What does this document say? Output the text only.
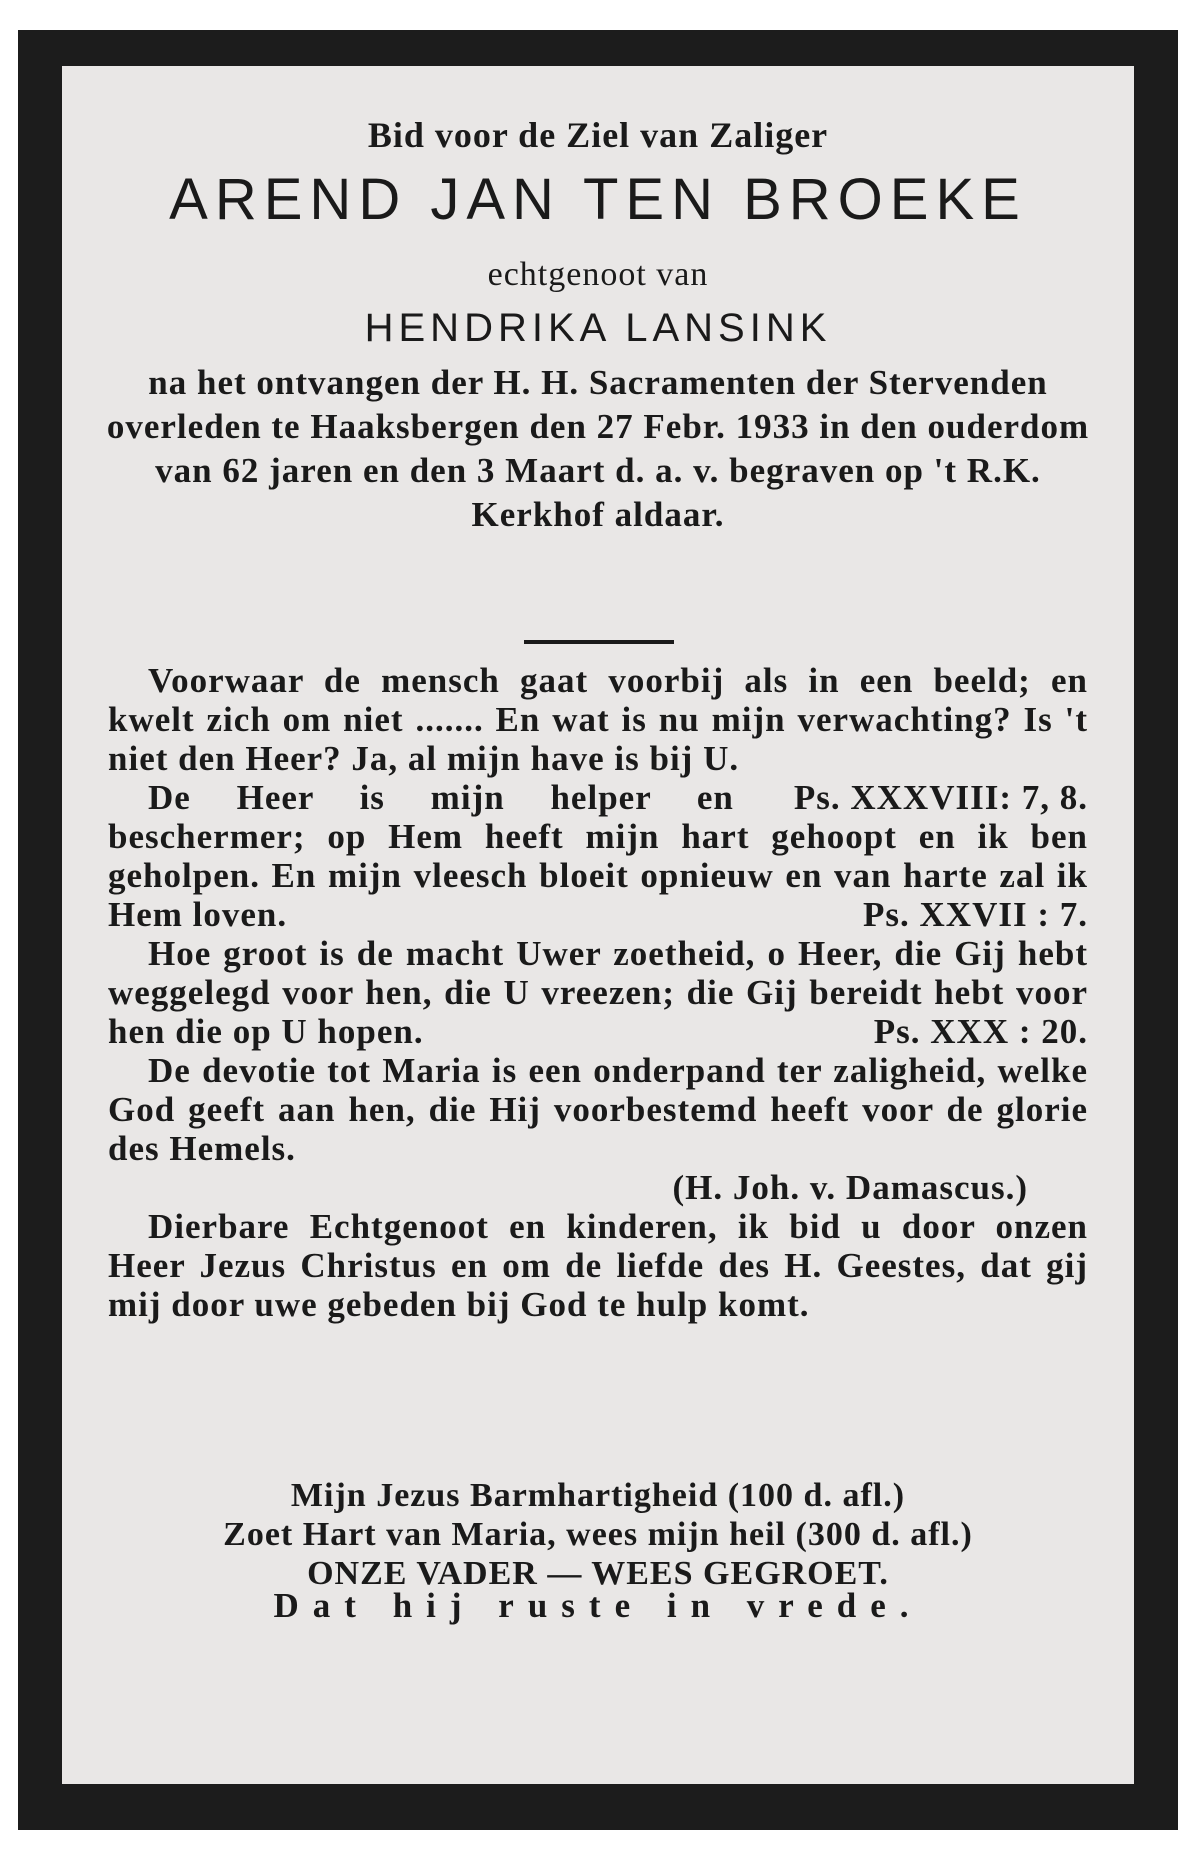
Bid voor de Ziel van Zaliger
AREND JAN TEN BROEKE
echtgenoot van
HENDRIKA LANSINK
na het ontvangen der H. H. Sacramenten der Stervenden overleden te Haaksbergen den 27 Febr. 1933 in den ouderdom van 62 jaren en den 3 Maart d. a. v. begraven op 't R.K. Kerkhof aldaar.

Voorwaar de mensch gaat voorbij als in een beeld; en kwelt zich om niet ....... En wat is nu mijn verwachting? Is 't niet den Heer? Ja, al mijn have is bij U.
Ps. XXXVIII: 7, 8.

De Heer is mijn helper en beschermer; op Hem heeft mijn hart gehoopt en ik ben geholpen. En mijn vleesch bloeit opnieuw en van harte zal ik Hem loven.	Ps. XXVII : 7.

Hoe groot is de macht Uwer zoetheid, o Heer, die Gij hebt weggelegd voor hen, die U vreezen; die Gij bereidt hebt voor hen die op U hopen.	Ps. XXX : 20.

De devotie tot Maria is een onderpand ter zaligheid, welke God geeft aan hen, die Hij voorbestemd heeft voor de glorie des Hemels.

(H. Joh. v. Damascus.)

Dierbare Echtgenoot en kinderen, ik bid u door onzen Heer Jezus Christus en om de liefde des H. Geestes, dat gij mij door uwe gebeden bij God te hulp komt.

Mijn Jezus Barmhartigheid (100 d. afl.)
Zoet Hart van Maria, wees mijn heil (300 d. afl.)
ONZE VADER — WEES GEGROET.
Dat hij ruste in vrede.
